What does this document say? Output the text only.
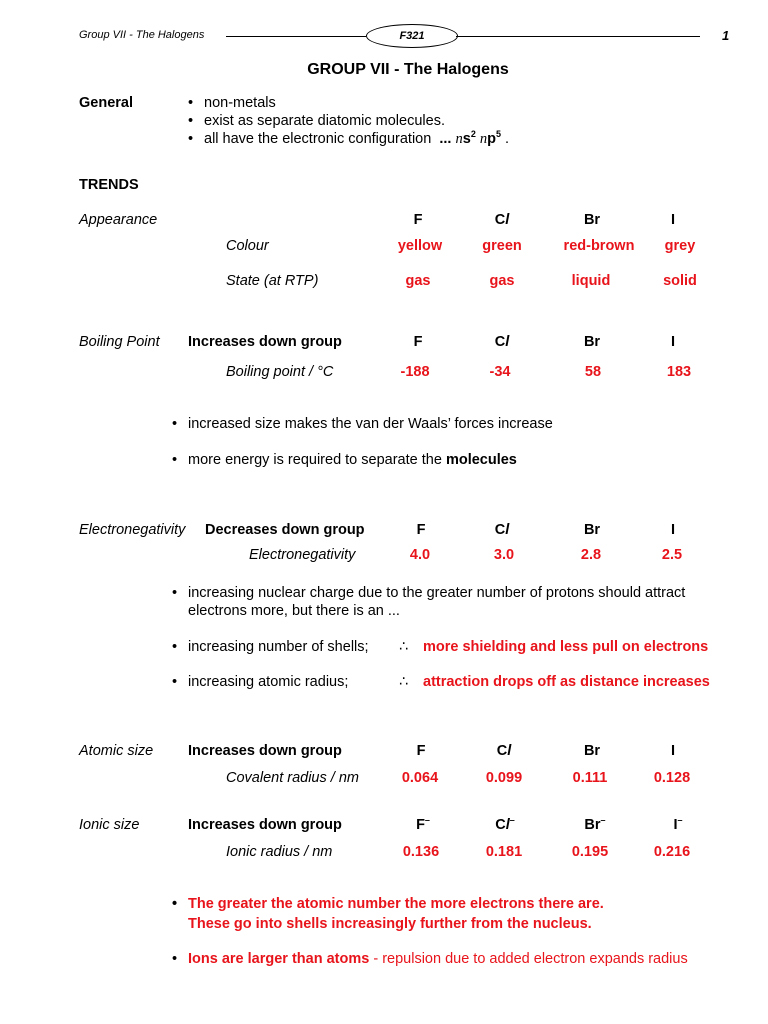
Group VII - The Halogens	F321	1
GROUP VII - The Halogens
General	• non-metals
• exist as separate diatomic molecules.
• all have the electronic configuration ... $ns^2$ $np^5$ .
TRENDS
Appearance	F	Cl	Br	I
Colour	yellow	green	red-brown	grey
State (at RTP)	gas	gas	liquid	solid
Boiling Point Increases down group	F	Cl	Br	I
Boiling point / °C	-188	-34	58	183
• increased size makes the van der Waals’ forces increase
• more energy is required to separate the molecules
Electronegativity Decreases down group	F	Cl	Br	I
Electronegativity	4.0	3.0	2.8	2.5
• increasing nuclear charge due to the greater number of protons should attract
electrons more, but there is an ...
• increasing number of shells; ∴ more shielding and less pull on electrons
• increasing atomic radius;	∴ attraction drops off as distance increases
Atomic size Increases down group	F	Cl	Br	I
Covalent radius / nm	0.064	0.099	0.111	0.128
Ionic size	Increases down group	F–	Cl–	Br–	I–
Ionic radius / nm	0.136	0.181	0.195	0.216
• The greater the atomic number the more electrons there are.
These go into shells increasingly further from the nucleus.
• Ions are larger than atoms - repulsion due to added electron expands radius
